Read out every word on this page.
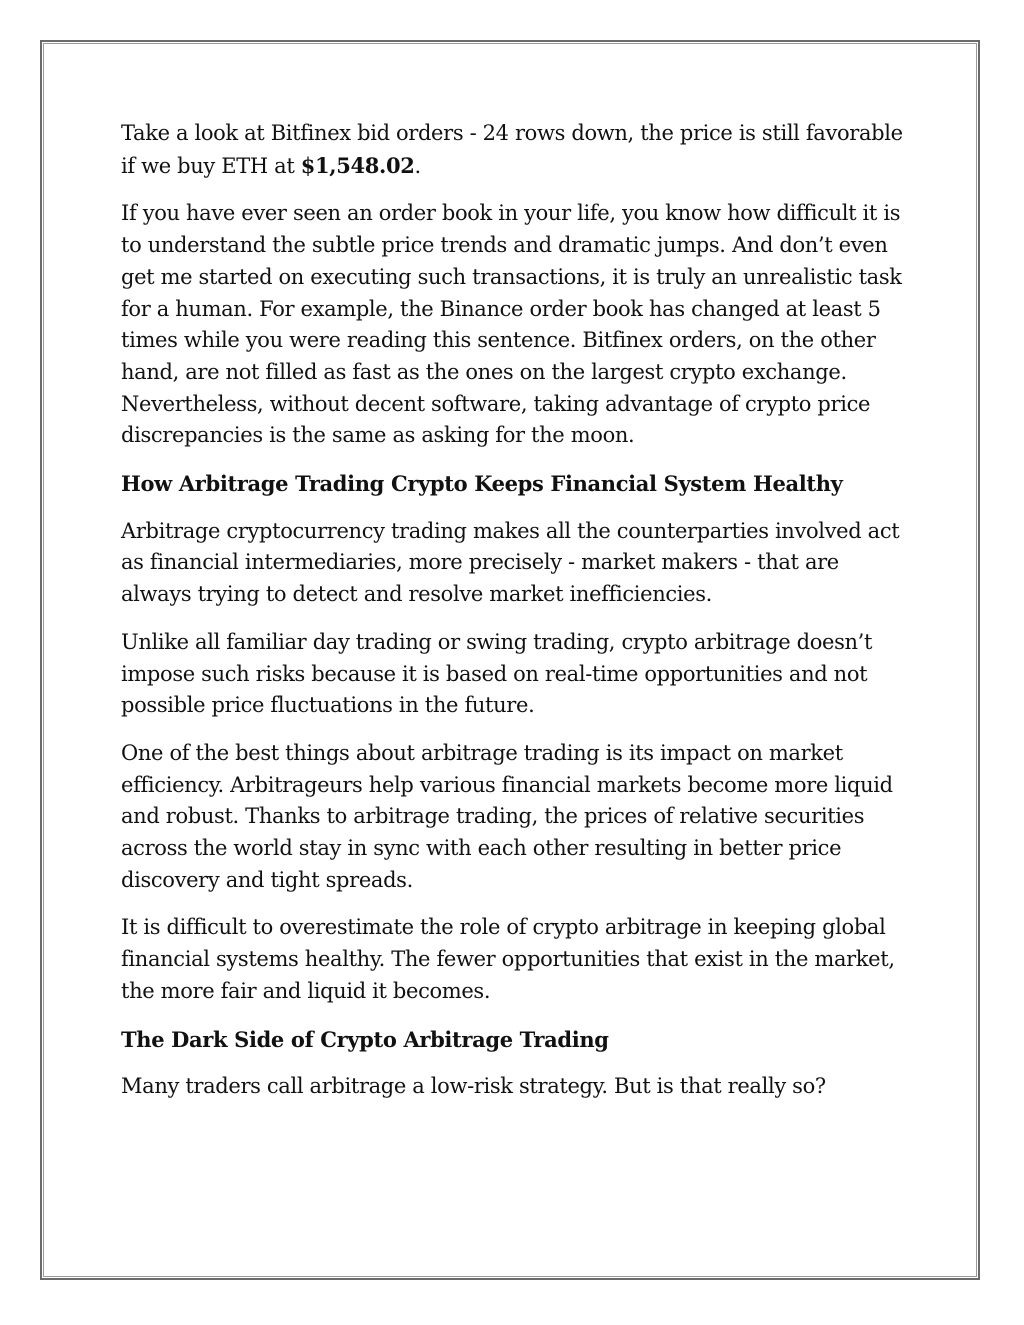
Take a look at Bitfinex bid orders - 24 rows down, the price is still favorable if we buy ETH at $1,548.02.

If you have ever seen an order book in your life, you know how difficult it is to understand the subtle price trends and dramatic jumps. And don’t even get me started on executing such transactions, it is truly an unrealistic task for a human. For example, the Binance order book has changed at least 5 times while you were reading this sentence. Bitfinex orders, on the other hand, are not filled as fast as the ones on the largest crypto exchange. Nevertheless, without decent software, taking advantage of crypto price discrepancies is the same as asking for the moon.

How Arbitrage Trading Crypto Keeps Financial System Healthy

Arbitrage cryptocurrency trading makes all the counterparties involved act as financial intermediaries, more precisely - market makers - that are always trying to detect and resolve market inefficiencies.

Unlike all familiar day trading or swing trading, crypto arbitrage doesn’t impose such risks because it is based on real-time opportunities and not possible price fluctuations in the future.

One of the best things about arbitrage trading is its impact on market efficiency. Arbitrageurs help various financial markets become more liquid and robust. Thanks to arbitrage trading, the prices of relative securities across the world stay in sync with each other resulting in better price discovery and tight spreads.

It is difficult to overestimate the role of crypto arbitrage in keeping global financial systems healthy. The fewer opportunities that exist in the market, the more fair and liquid it becomes.

The Dark Side of Crypto Arbitrage Trading

Many traders call arbitrage a low-risk strategy. But is that really so?
